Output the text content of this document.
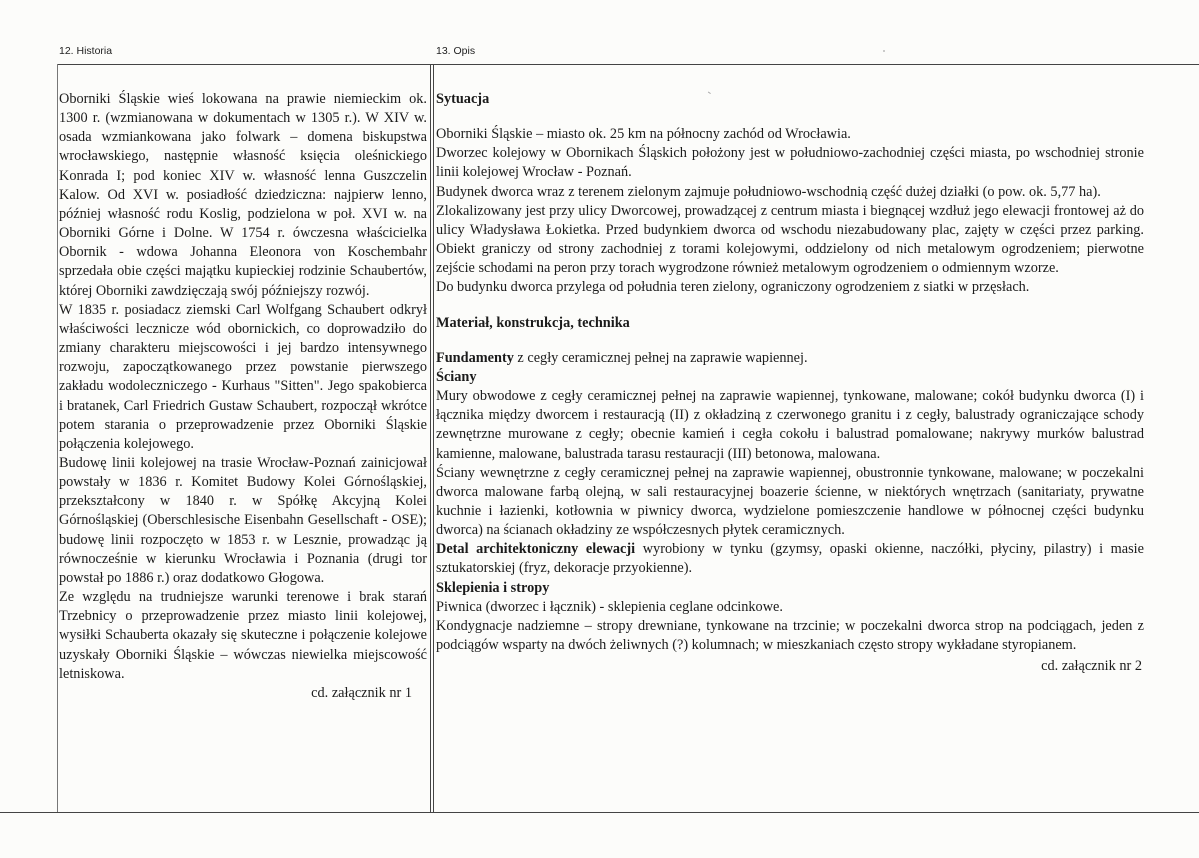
12. Historia	13. Opis

Oborniki Śląskie wieś lokowana na prawie niemieckim ok. 1300 r. (wzmianowana w dokumentach w 1305 r.). W XIV w. osada wzmiankowana jako folwark – domena biskupstwa wrocławskiego, następnie własność księcia oleśnickiego Konrada I; pod koniec XIV w. własność lenna Guszczelin Kalow. Od XVI w. posiadłość dziedziczna: najpierw lenno, później własność rodu Koslig, podzielona w poł. XVI w. na Oborniki Górne i Dolne. W 1754 r. ówczesna właścicielka Obornik - wdowa Johanna Eleonora von Koschembahr sprzedała obie części majątku kupieckiej rodzinie Schaubertów, której Oborniki zawdzięczają swój późniejszy rozwój.

W 1835 r. posiadacz ziemski Carl Wolfgang Schaubert odkrył właściwości lecznicze wód obornickich, co doprowadziło do zmiany charakteru miejscowości i jej bardzo intensywnego rozwoju, zapoczątkowanego przez powstanie pierwszego zakładu wodoleczniczego - Kurhaus "Sitten". Jego spakobierca i bratanek, Carl Friedrich Gustaw Schaubert, rozpoczął wkrótce potem starania o przeprowadzenie przez Oborniki Śląskie połączenia kolejowego.

Budowę linii kolejowej na trasie Wrocław-Poznań zainicjował powstały w 1836 r. Komitet Budowy Kolei Górnośląskiej, przekształcony w 1840 r. w Spółkę Akcyjną Kolei Górnośląskiej (Oberschlesische Eisenbahn Gesellschaft - OSE); budowę linii rozpoczęto w 1853 r. w Lesznie, prowadząc ją równocześnie w kierunku Wrocławia i Poznania (drugi tor powstał po 1886 r.) oraz dodatkowo Głogowa.

Ze względu na trudniejsze warunki terenowe i brak starań Trzebnicy o przeprowadzenie przez miasto linii kolejowej, wysiłki Schauberta okazały się skuteczne i połączenie kolejowe uzyskały Oborniki Śląskie – wówczas niewielka miejscowość letniskowa.

cd. załącznik nr 1

Sytuacja

Oborniki Śląskie – miasto ok. 25 km na północny zachód od Wrocławia.

Dworzec kolejowy w Obornikach Śląskich położony jest w południowo-zachodniej części miasta, po wschodniej stronie linii kolejowej Wrocław - Poznań.

Budynek dworca wraz z terenem zielonym zajmuje południowo-wschodnią część dużej działki (o pow. ok. 5,77 ha).

Zlokalizowany jest przy ulicy Dworcowej, prowadzącej z centrum miasta i biegnącej wzdłuż jego elewacji frontowej aż do ulicy Władysława Łokietka. Przed budynkiem dworca od wschodu niezabudowany plac, zajęty w części przez parking. Obiekt graniczy od strony zachodniej z torami kolejowymi, oddzielony od nich metalowym ogrodzeniem; pierwotne zejście schodami na peron przy torach wygrodzone również metalowym ogrodzeniem o odmiennym wzorze.

Do budynku dworca przylega od południa teren zielony, ograniczony ogrodzeniem z siatki w przęsłach.

Materiał, konstrukcja, technika

Fundamenty z cegły ceramicznej pełnej na zaprawie wapiennej.

Ściany

Mury obwodowe z cegły ceramicznej pełnej na zaprawie wapiennej, tynkowane, malowane; cokół budynku dworca (I) i łącznika między dworcem i restauracją (II) z okładziną z czerwonego granitu i z cegły, balustrady ograniczające schody zewnętrzne murowane z cegły; obecnie kamień i cegła cokołu i balustrad pomalowane; nakrywy murków balustrad kamienne, malowane, balustrada tarasu restauracji (III) betonowa, malowana.

Ściany wewnętrzne z cegły ceramicznej pełnej na zaprawie wapiennej, obustronnie tynkowane, malowane; w poczekalni dworca malowane farbą olejną, w sali restauracyjnej boazerie ścienne, w niektórych wnętrzach (sanitariaty, prywatne kuchnie i łazienki, kotłownia w piwnicy dworca, wydzielone pomieszczenie handlowe w północnej części budynku dworca) na ścianach okładziny ze współczesnych płytek ceramicznych.

Detal architektoniczny elewacji wyrobiony w tynku (gzymsy, opaski okienne, naczółki, płyciny, pilastry) i masie sztukatorskiej (fryz, dekoracje przyokienne).

Sklepienia i stropy

Piwnica (dworzec i łącznik) - sklepienia ceglane odcinkowe.

Kondygnacje nadziemne – stropy drewniane, tynkowane na trzcinie; w poczekalni dworca strop na podciągach, jeden z podciągów wsparty na dwóch żeliwnych (?) kolumnach; w mieszkaniach często stropy wykładane styropianem.

cd. załącznik nr 2
